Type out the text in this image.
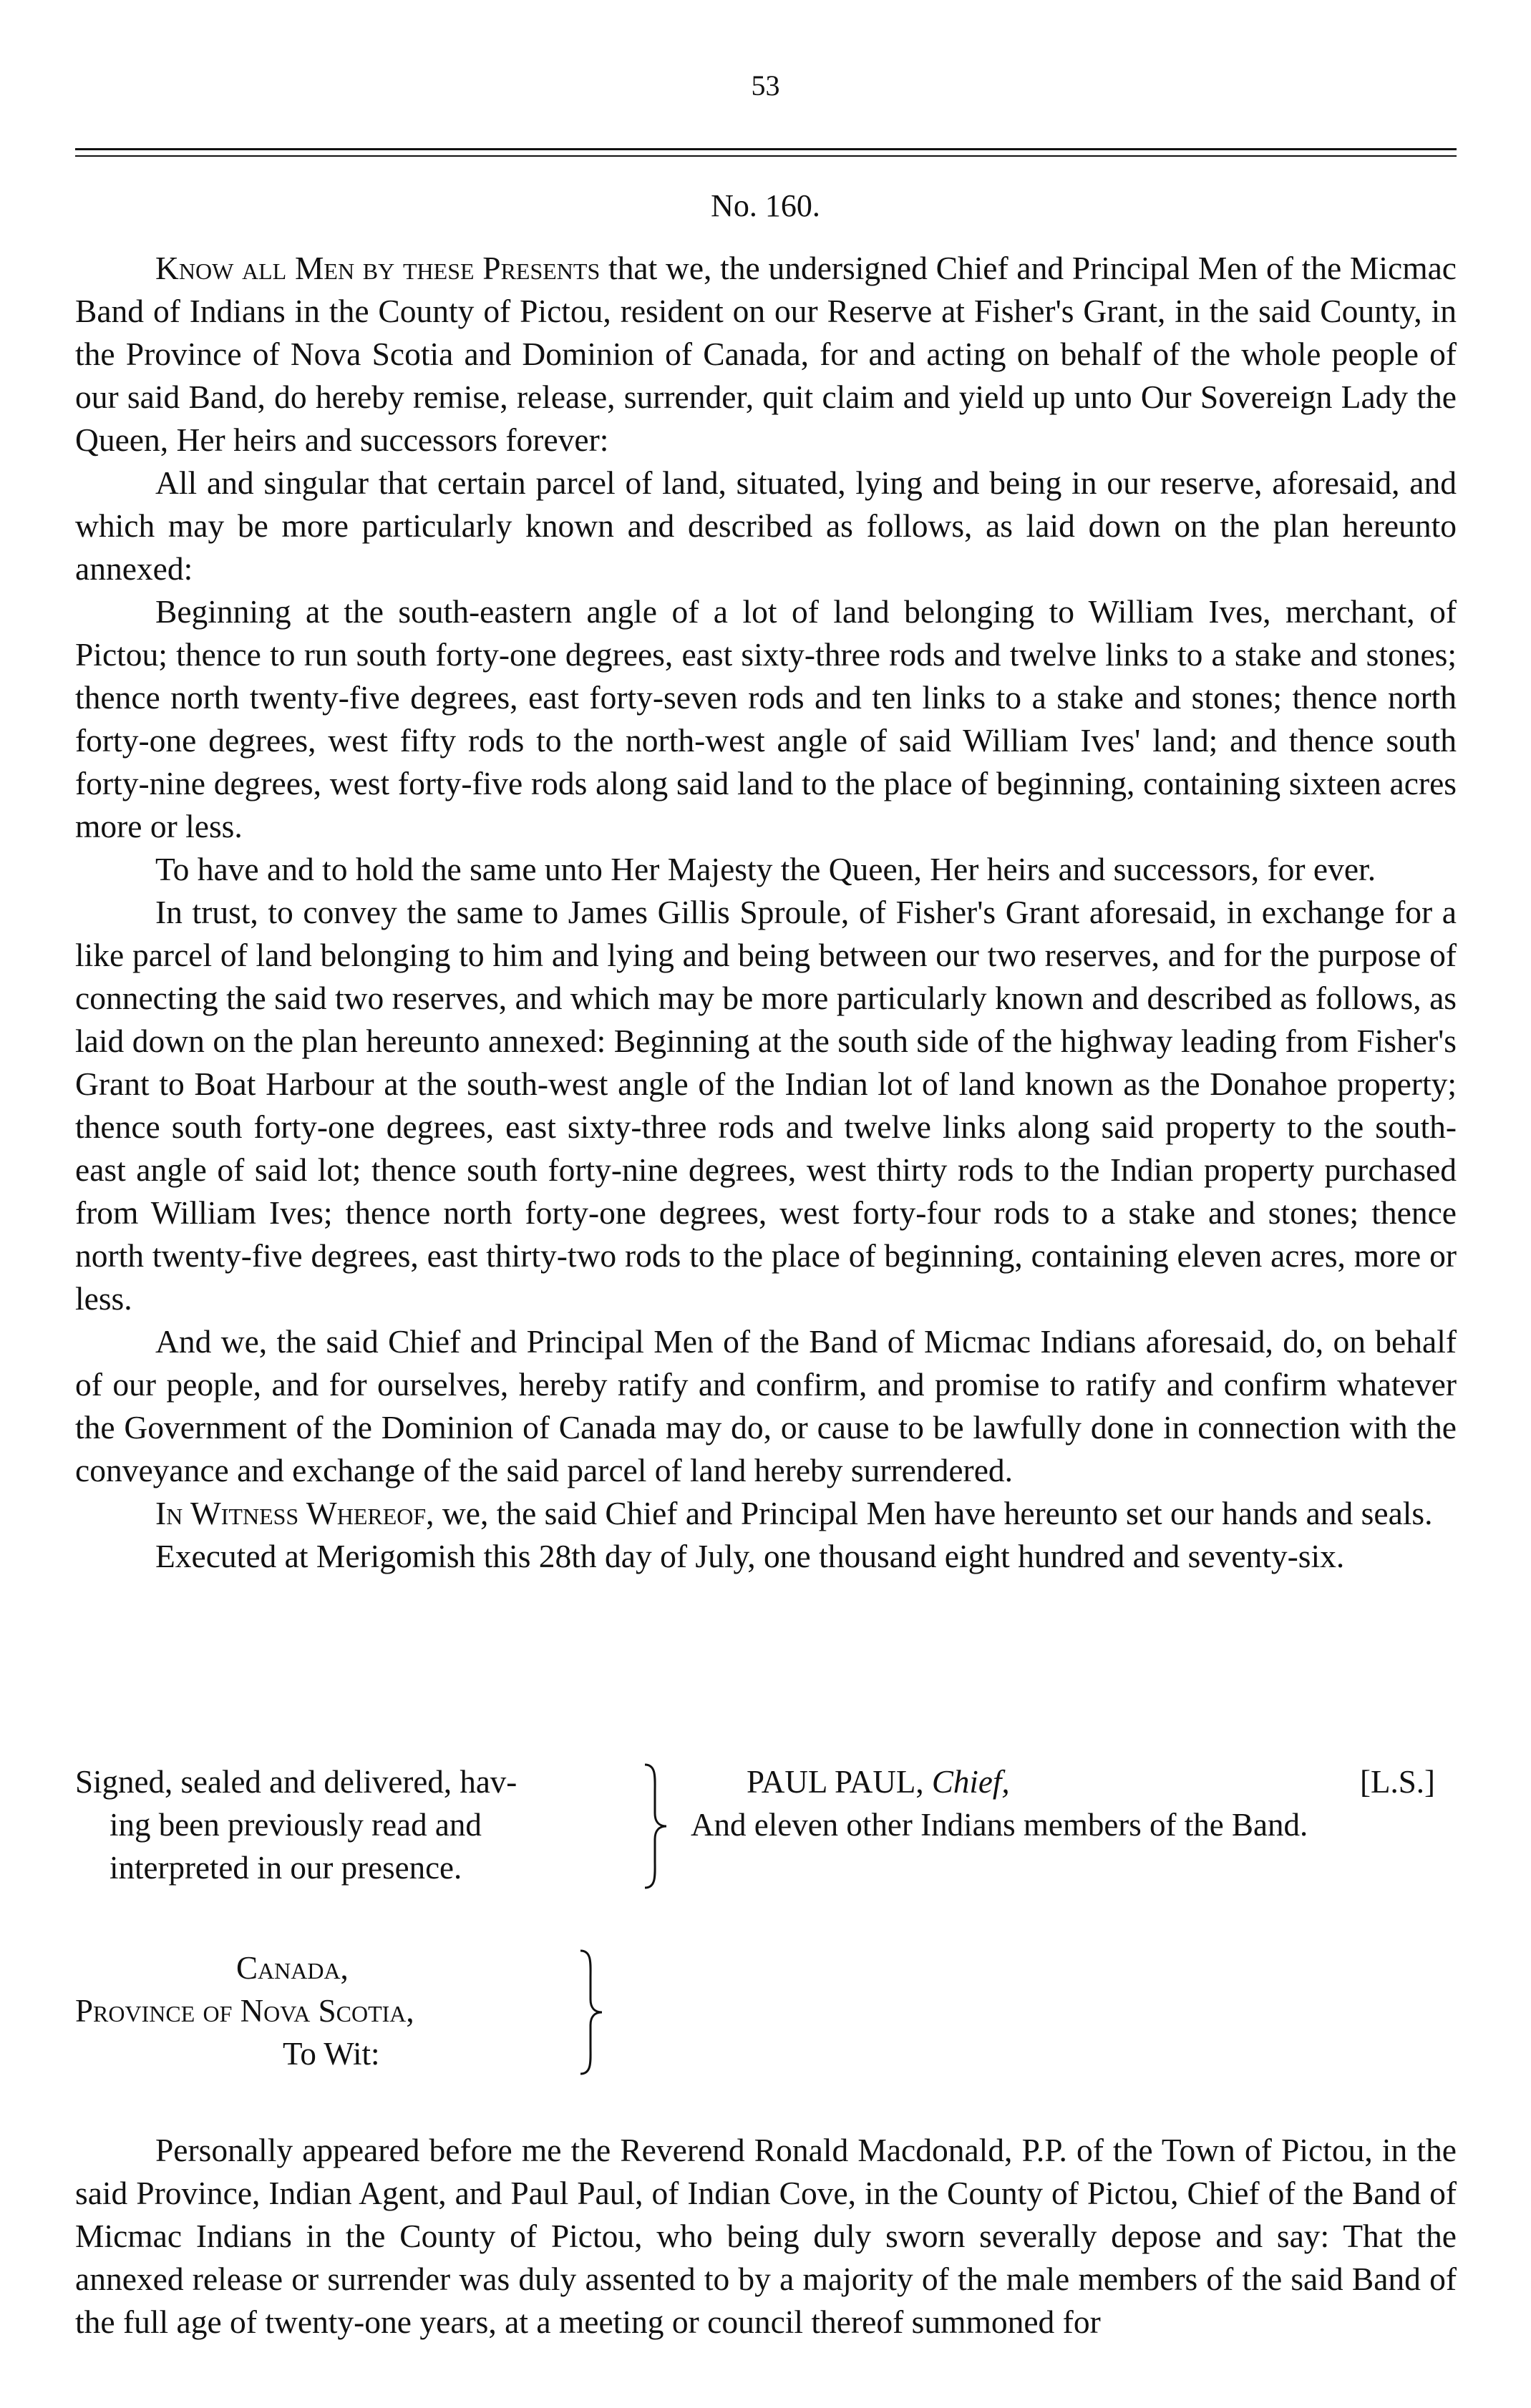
53
No. 160.

Know all Men by these Presents that we, the undersigned Chief and Principal Men of the Micmac Band of Indians in the County of Pictou, resident on our Reserve at Fisher's Grant, in the said County, in the Province of Nova Scotia and Dominion of Canada, for and acting on behalf of the whole people of our said Band, do hereby remise, release, surrender, quit claim and yield up unto Our Sovereign Lady the Queen, Her heirs and successors forever:

All and singular that certain parcel of land, situated, lying and being in our reserve, aforesaid, and which may be more particularly known and described as follows, as laid down on the plan hereunto annexed:

Beginning at the south-eastern angle of a lot of land belonging to William Ives, merchant, of Pictou; thence to run south forty-one degrees, east sixty-three rods and twelve links to a stake and stones; thence north twenty-five degrees, east forty-seven rods and ten links to a stake and stones; thence north forty-one degrees, west fifty rods to the north-west angle of said William Ives' land; and thence south forty-nine degrees, west forty-five rods along said land to the place of beginning, containing sixteen acres more or less.

To have and to hold the same unto Her Majesty the Queen, Her heirs and successors, for ever.

In trust, to convey the same to James Gillis Sproule, of Fisher's Grant aforesaid, in exchange for a like parcel of land belonging to him and lying and being between our two reserves, and for the purpose of connecting the said two reserves, and which may be more particularly known and described as follows, as laid down on the plan hereunto annexed: Beginning at the south side of the highway leading from Fisher's Grant to Boat Harbour at the south-west angle of the Indian lot of land known as the Donahoe property; thence south forty-one degrees, east sixty-three rods and twelve links along said property to the south-east angle of said lot; thence south forty-nine degrees, west thirty rods to the Indian property purchased from William Ives; thence north forty-one degrees, west forty-four rods to a stake and stones; thence north twenty-five degrees, east thirty-two rods to the place of beginning, containing eleven acres, more or less.

And we, the said Chief and Principal Men of the Band of Micmac Indians aforesaid, do, on behalf of our people, and for ourselves, hereby ratify and confirm, and promise to ratify and confirm whatever the Government of the Dominion of Canada may do, or cause to be lawfully done in connection with the conveyance and exchange of the said parcel of land hereby surrendered.

In Witness Whereof, we, the said Chief and Principal Men have hereunto set our hands and seals.

Executed at Merigomish this 28th day of July, one thousand eight hundred and seventy-six.

Signed, sealed and delivered, hav-
ing been previously read and
interpreted in our presence.
PAUL PAUL, Chief,	[L.S.]
And eleven other Indians members of the Band.
Canada,
Province of Nova Scotia,
To Wit:

Personally appeared before me the Reverend Ronald Macdonald, P.P. of the Town of Pictou, in the said Province, Indian Agent, and Paul Paul, of Indian Cove, in the County of Pictou, Chief of the Band of Micmac Indians in the County of Pictou, who being duly sworn severally depose and say: That the annexed release or surrender was duly assented to by a majority of the male members of the said Band of the full age of twenty-one years, at a meeting or council thereof summoned for
